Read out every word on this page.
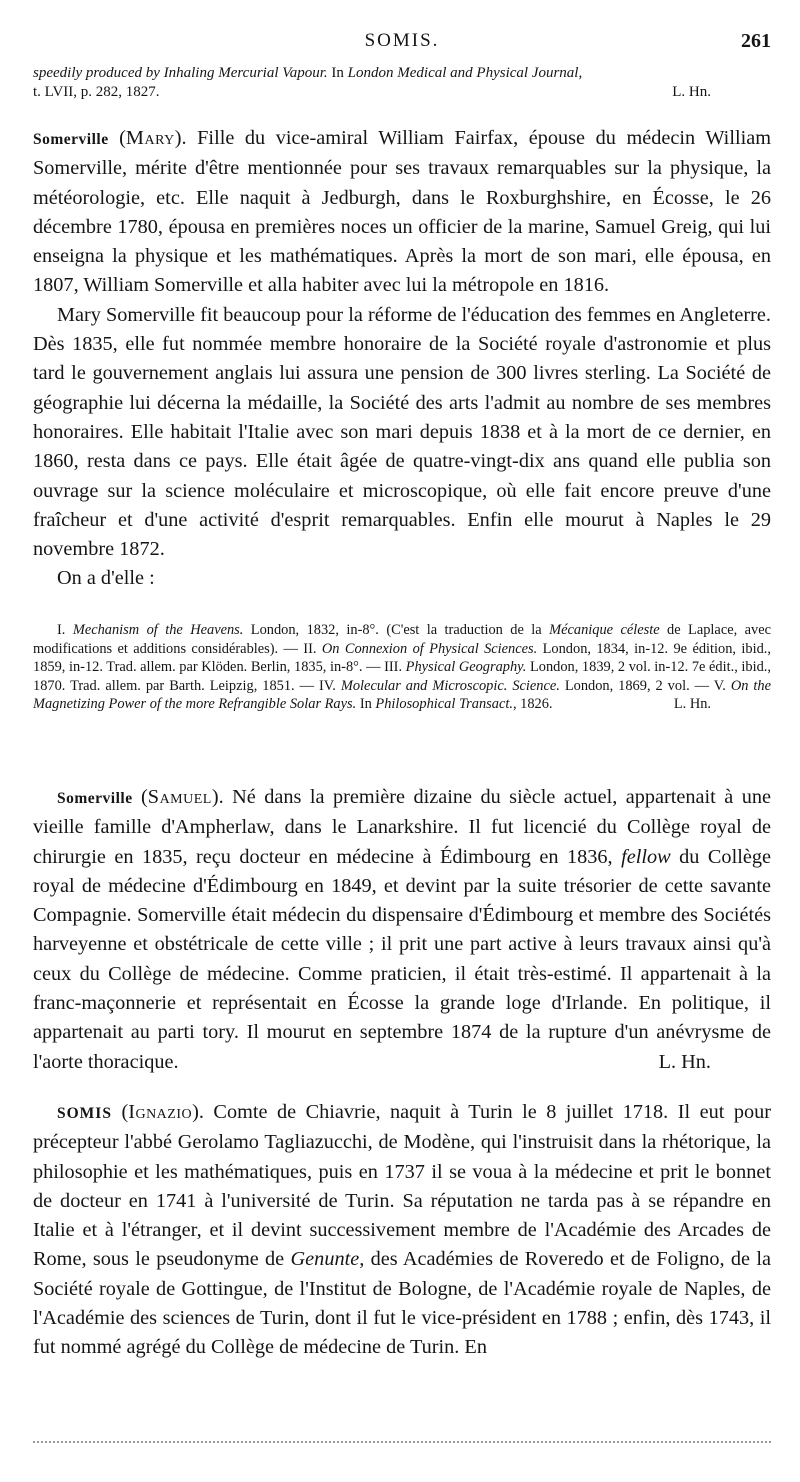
SOMIS.	261

speedily produced by Inhaling Mercurial Vapour. In London Medical and Physical Journal,
t. LVII, p. 282, 1827.	L. Hn.

Somerville (Mary). Fille du vice-amiral William Fairfax, épouse du médecin William Somerville, mérite d'être mentionnée pour ses travaux remarquables sur la physique, la météorologie, etc. Elle naquit à Jedburgh, dans le Roxburghshire, en Écosse, le 26 décembre 1780, épousa en premières noces un officier de la marine, Samuel Greig, qui lui enseigna la physique et les mathématiques. Après la mort de son mari, elle épousa, en 1807, William Somerville et alla habiter avec lui la métropole en 1816.

Mary Somerville fit beaucoup pour la réforme de l'éducation des femmes en Angleterre. Dès 1835, elle fut nommée membre honoraire de la Société royale d'astronomie et plus tard le gouvernement anglais lui assura une pension de 300 livres sterling. La Société de géographie lui décerna la médaille, la Société des arts l'admit au nombre de ses membres honoraires. Elle habitait l'Italie avec son mari depuis 1838 et à la mort de ce dernier, en 1860, resta dans ce pays. Elle était âgée de quatre-vingt-dix ans quand elle publia son ouvrage sur la science moléculaire et microscopique, où elle fait encore preuve d'une fraîcheur et d'une activité d'esprit remarquables. Enfin elle mourut à Naples le 29 novembre 1872.

On a d'elle :

I. Mechanism of the Heavens. London, 1832, in-8°. (C'est la traduction de la Mécanique céleste de Laplace, avec modifications et additions considérables). — II. On Connexion of Physical Sciences. London, 1834, in-12. 9e édition, ibid., 1859, in-12. Trad. allem. par Klöden. Berlin, 1835, in-8°. — III. Physical Geography. London, 1839, 2 vol. in-12. 7e édit., ibid., 1870. Trad. allem. par Barth. Leipzig, 1851. — IV. Molecular and Microscopic. Science. London, 1869, 2 vol. — V. On the Magnetizing Power of the more Refrangible Solar Rays. In Philosophical Transact., 1826.	L. Hn.

Somerville (Samuel). Né dans la première dizaine du siècle actuel, appartenait à une vieille famille d'Ampherlaw, dans le Lanarkshire. Il fut licencié du Collège royal de chirurgie en 1835, reçu docteur en médecine à Édimbourg en 1836, fellow du Collège royal de médecine d'Édimbourg en 1849, et devint par la suite trésorier de cette savante Compagnie. Somerville était médecin du dispensaire d'Édimbourg et membre des Sociétés harveyenne et obstétricale de cette ville ; il prit une part active à leurs travaux ainsi qu'à ceux du Collège de médecine. Comme praticien, il était très-estimé. Il appartenait à la franc-maçonnerie et représentait en Écosse la grande loge d'Irlande. En politique, il appartenait au parti tory. Il mourut en septembre 1874 de la rupture d'un anévrysme de l'aorte thoracique.	L. Hn.

SOMIS (Ignazio). Comte de Chiavrie, naquit à Turin le 8 juillet 1718. Il eut pour précepteur l'abbé Gerolamo Tagliazucchi, de Modène, qui l'instruisit dans la rhétorique, la philosophie et les mathématiques, puis en 1737 il se voua à la médecine et prit le bonnet de docteur en 1741 à l'université de Turin. Sa réputation ne tarda pas à se répandre en Italie et à l'étranger, et il devint successivement membre de l'Académie des Arcades de Rome, sous le pseudonyme de Genunte, des Académies de Roveredo et de Foligno, de la Société royale de Gottingue, de l'Institut de Bologne, de l'Académie royale de Naples, de l'Académie des sciences de Turin, dont il fut le vice-président en 1788 ; enfin, dès 1743, il fut nommé agrégé du Collège de médecine de Turin. En
